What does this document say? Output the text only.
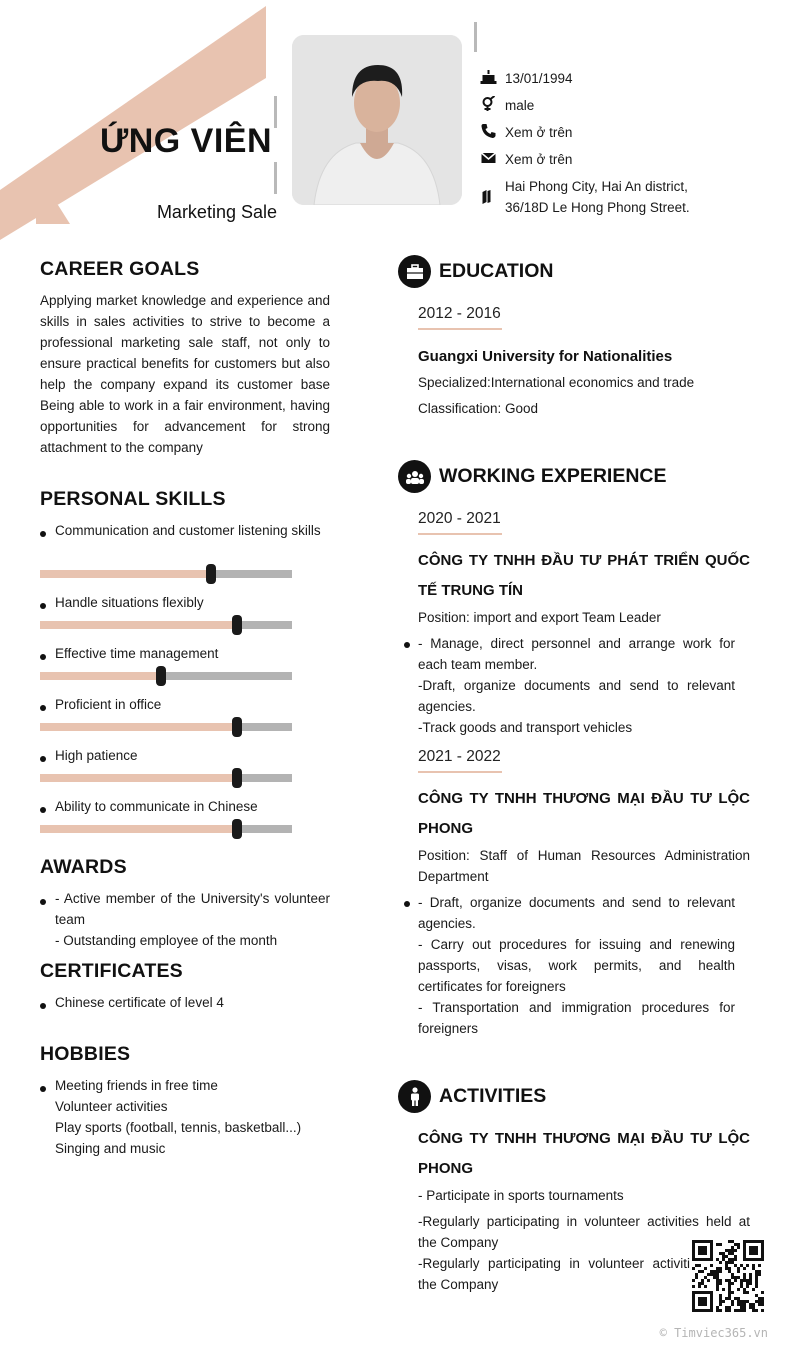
ỨNG VIÊN
Marketing Sale
13/01/1994
male
Xem ở trên
Xem ở trên
Hai Phong City, Hai An district, 36/18D Le Hong Phong Street.
CAREER GOALS
Applying market knowledge and experience and skills in sales activities to strive to become a professional marketing sale staff, not only to ensure practical benefits for customers but also help the company expand its customer base Being able to work in a fair environment, having opportunities for advancement for strong attachment to the company
PERSONAL SKILLS
Communication and customer listening skills
Handle situations flexibly
Effective time management
Proficient in office
High patience
Ability to communicate in Chinese
AWARDS
- Active member of the University's volunteer team
- Outstanding employee of the month
CERTIFICATES
Chinese certificate of level 4
HOBBIES
Meeting friends in free time
Volunteer activities
Play sports (football, tennis, basketball...)
Singing and music
EDUCATION
2012 - 2016
Guangxi University for Nationalities
Specialized:International economics and trade
Classification: Good
WORKING EXPERIENCE
2020 - 2021
CÔNG TY TNHH ĐẦU TƯ PHÁT TRIỂN QUỐC TẾ TRUNG TÍN
Position: import and export Team Leader
- Manage, direct personnel and arrange work for each team member.
-Draft, organize documents and send to relevant agencies.
-Track goods and transport vehicles
2021 - 2022
CÔNG TY TNHH THƯƠNG MẠI ĐẦU TƯ LỘC PHONG
Position: Staff of Human Resources Administration Department
- Draft, organize documents and send to relevant agencies.
- Carry out procedures for issuing and renewing passports, visas, work permits, and health certificates for foreigners
- Transportation and immigration procedures for foreigners
ACTIVITIES
CÔNG TY TNHH THƯƠNG MẠI ĐẦU TƯ LỘC PHONG
- Participate in sports tournaments
-Regularly participating in volunteer activities held at the Company
-Regularly participating in volunteer activiti the Company
© Timviec365.vn
